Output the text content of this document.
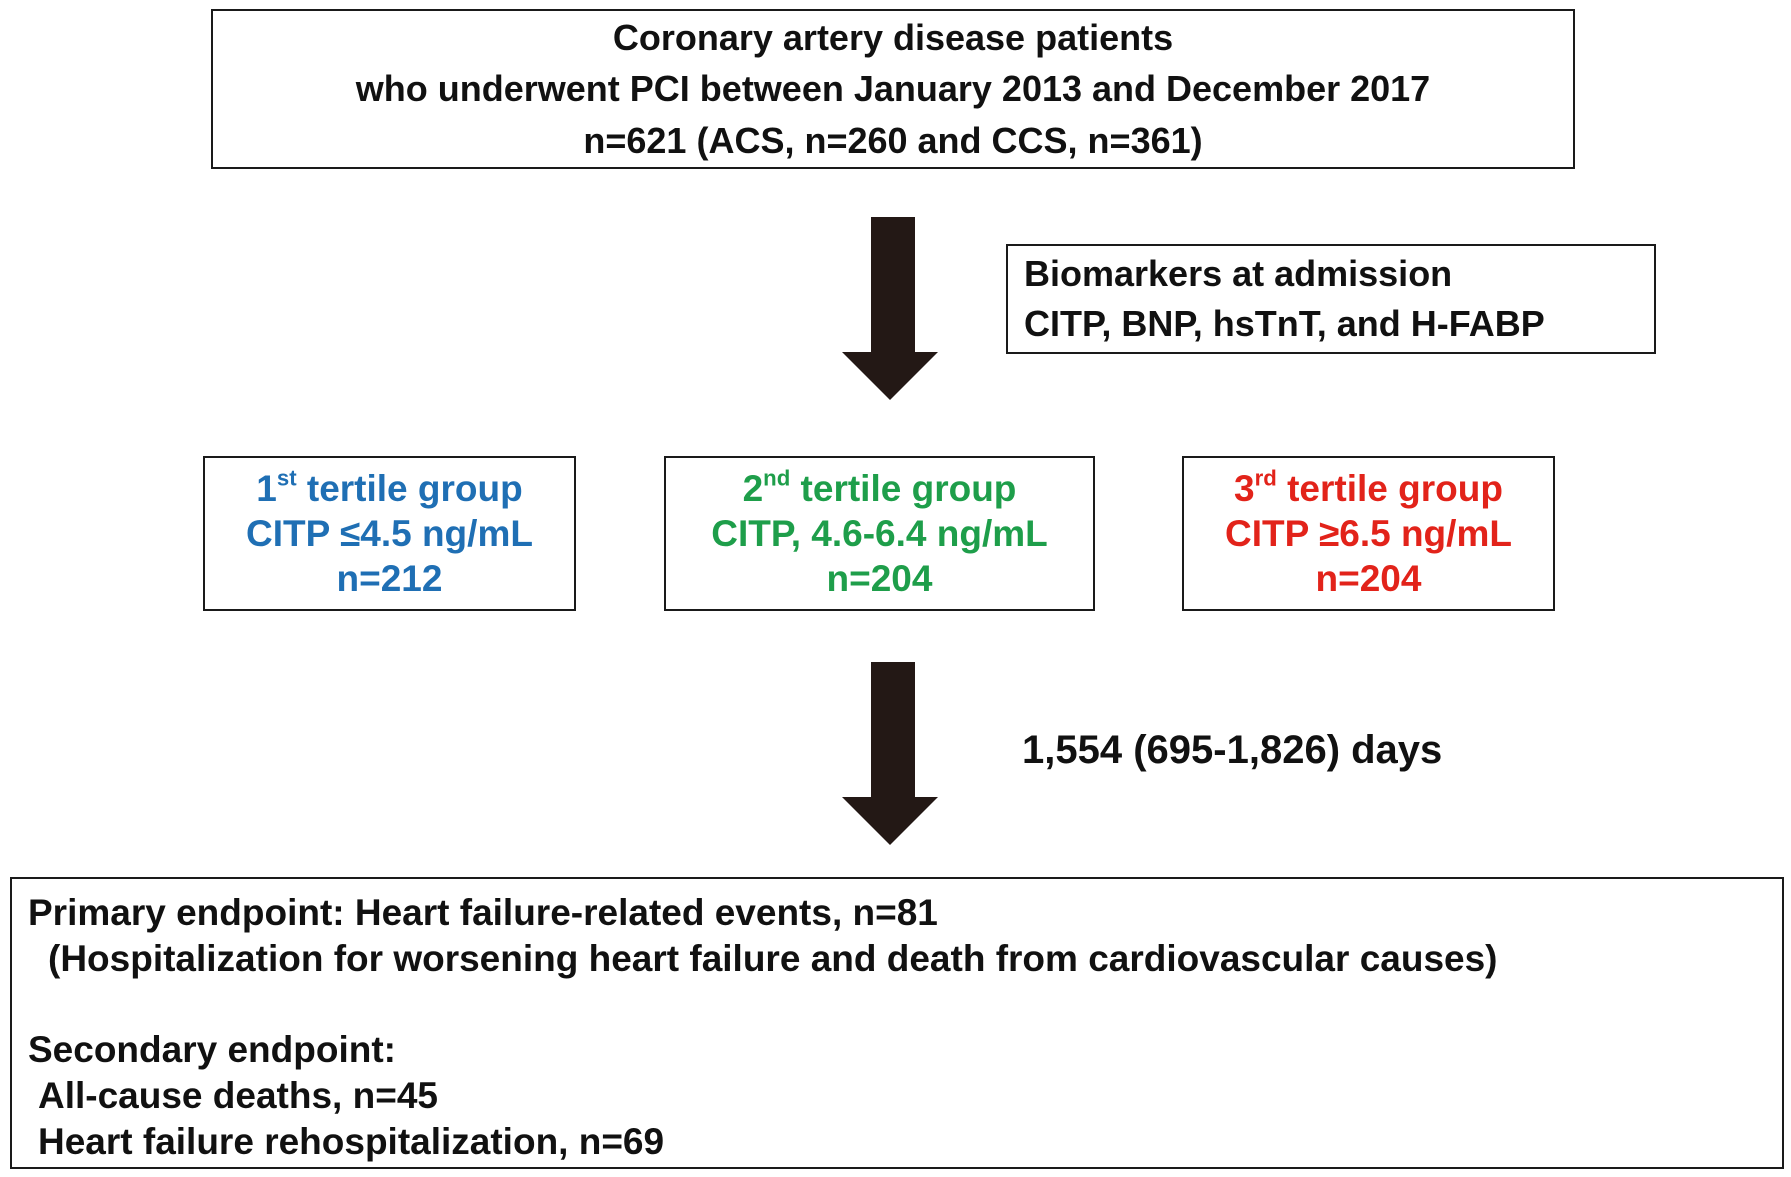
Coronary artery disease patients
who underwent PCI between January 2013 and December 2017
n=621 (ACS, n=260 and CCS, n=361)
Biomarkers at admission
CITP, BNP, hsTnT, and H-FABP
1st tertile group
CITP ≤4.5 ng/mL
n=212
2nd tertile group
CITP, 4.6-6.4 ng/mL
n=204
3rd tertile group
CITP ≥6.5 ng/mL
n=204
1,554 (695-1,826) days
Primary endpoint: Heart failure-related events, n=81
(Hospitalization for worsening heart failure and death from cardiovascular causes)
Secondary endpoint:
All-cause deaths, n=45
Heart failure rehospitalization, n=69
